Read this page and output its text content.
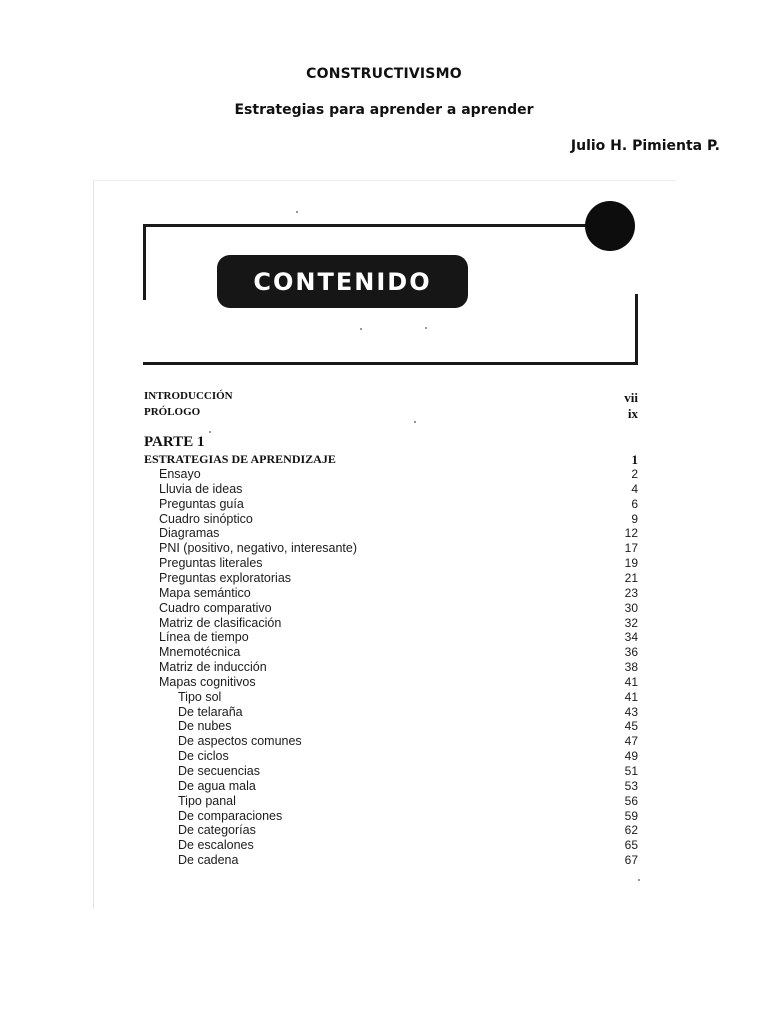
CONSTRUCTIVISMO
Estrategias para aprender a aprender
Julio H. Pimienta P.
CONTENIDO
INTRODUCCIÓN	vii
PRÓLOGO	ix
PARTE 1
ESTRATEGIAS DE APRENDIZAJE	1
Ensayo	2
Lluvia de ideas	4
Preguntas guía	6
Cuadro sinóptico	9
Diagramas	12
PNI (positivo, negativo, interesante)	17
Preguntas literales	19
Preguntas exploratorias	21
Mapa semántico	23
Cuadro comparativo	30
Matriz de clasificación	32
Línea de tiempo	34
Mnemotécnica	36
Matriz de inducción	38
Mapas cognitivos	41
Tipo sol	41
De telaraña	43
De nubes	45
De aspectos comunes	47
De ciclos	49
De secuencias	51
De agua mala	53
Tipo panal	56
De comparaciones	59
De categorías	62
De escalones	65
De cadena	67
